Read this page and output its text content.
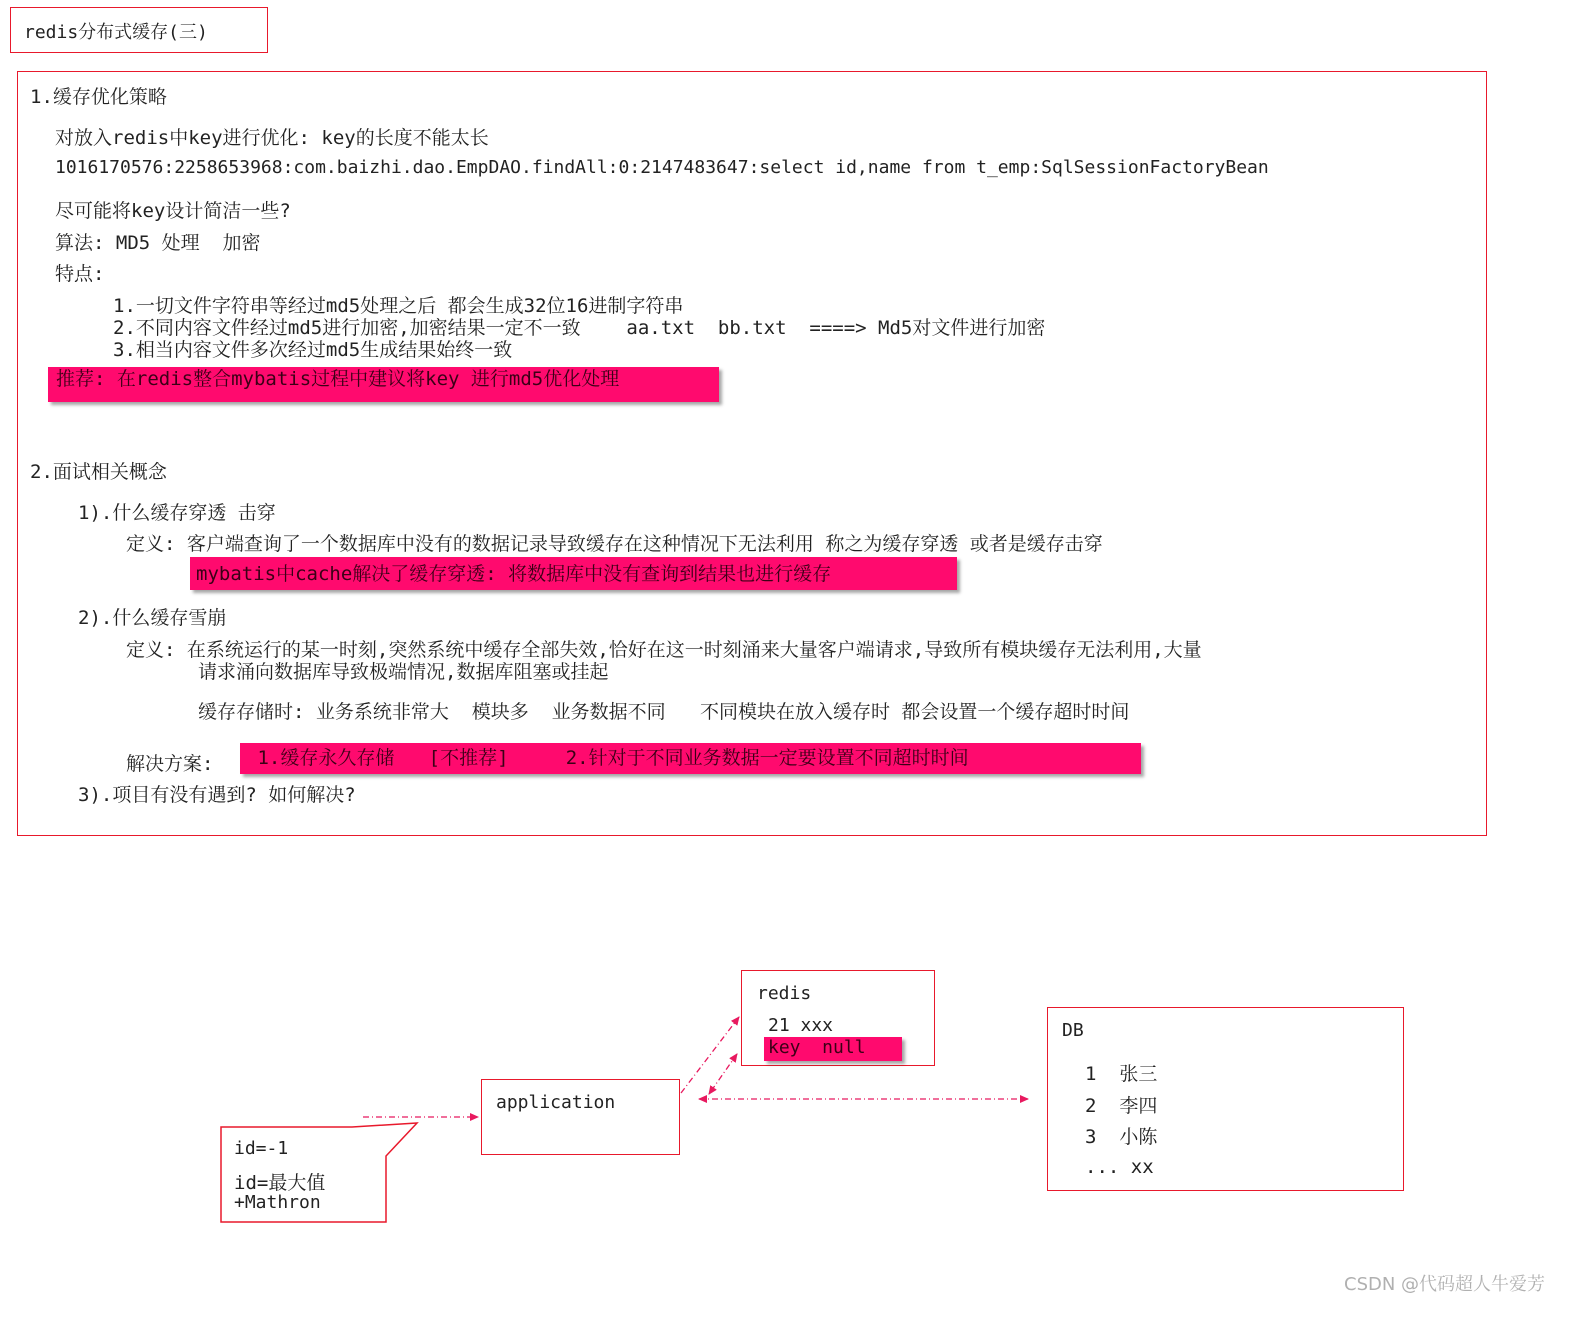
redis分布式缓存(三)
1.缓存优化策略
对放入redis中key进行优化: key的长度不能太长
1016170576:2258653968:com.baizhi.dao.EmpDAO.findAll:0:2147483647:select id,name from t_emp:SqlSessionFactoryBean
尽可能将key设计简洁一些?
算法: MD5 处理  加密
特点:
1.一切文件字符串等经过md5处理之后 都会生成32位16进制字符串
2.不同内容文件经过md5进行加密,加密结果一定不一致    aa.txt  bb.txt  ====> Md5对文件进行加密
3.相当内容文件多次经过md5生成结果始终一致
推荐: 在redis整合mybatis过程中建议将key 进行md5优化处理
2.面试相关概念
1).什么缓存穿透 击穿
定义: 客户端查询了一个数据库中没有的数据记录导致缓存在这种情况下无法利用 称之为缓存穿透 或者是缓存击穿
mybatis中cache解决了缓存穿透: 将数据库中没有查询到结果也进行缓存
2).什么缓存雪崩
定义: 在系统运行的某一时刻,突然系统中缓存全部失效,恰好在这一时刻涌来大量客户端请求,导致所有模块缓存无法利用,大量
请求涌向数据库导致极端情况,数据库阻塞或挂起
缓存存储时: 业务系统非常大  模块多  业务数据不同   不同模块在放入缓存时 都会设置一个缓存超时时间
解决方案:	1.缓存永久存储   [不推荐]     2.针对于不同业务数据一定要设置不同超时时间
3).项目有没有遇到? 如何解决?
redis
21 xxx
key  null
application
DB
1  张三
2  李四
3  小陈
... xx
id=-1
id=最大值
+Mathron
CSDN @代码超人牛爱芳
